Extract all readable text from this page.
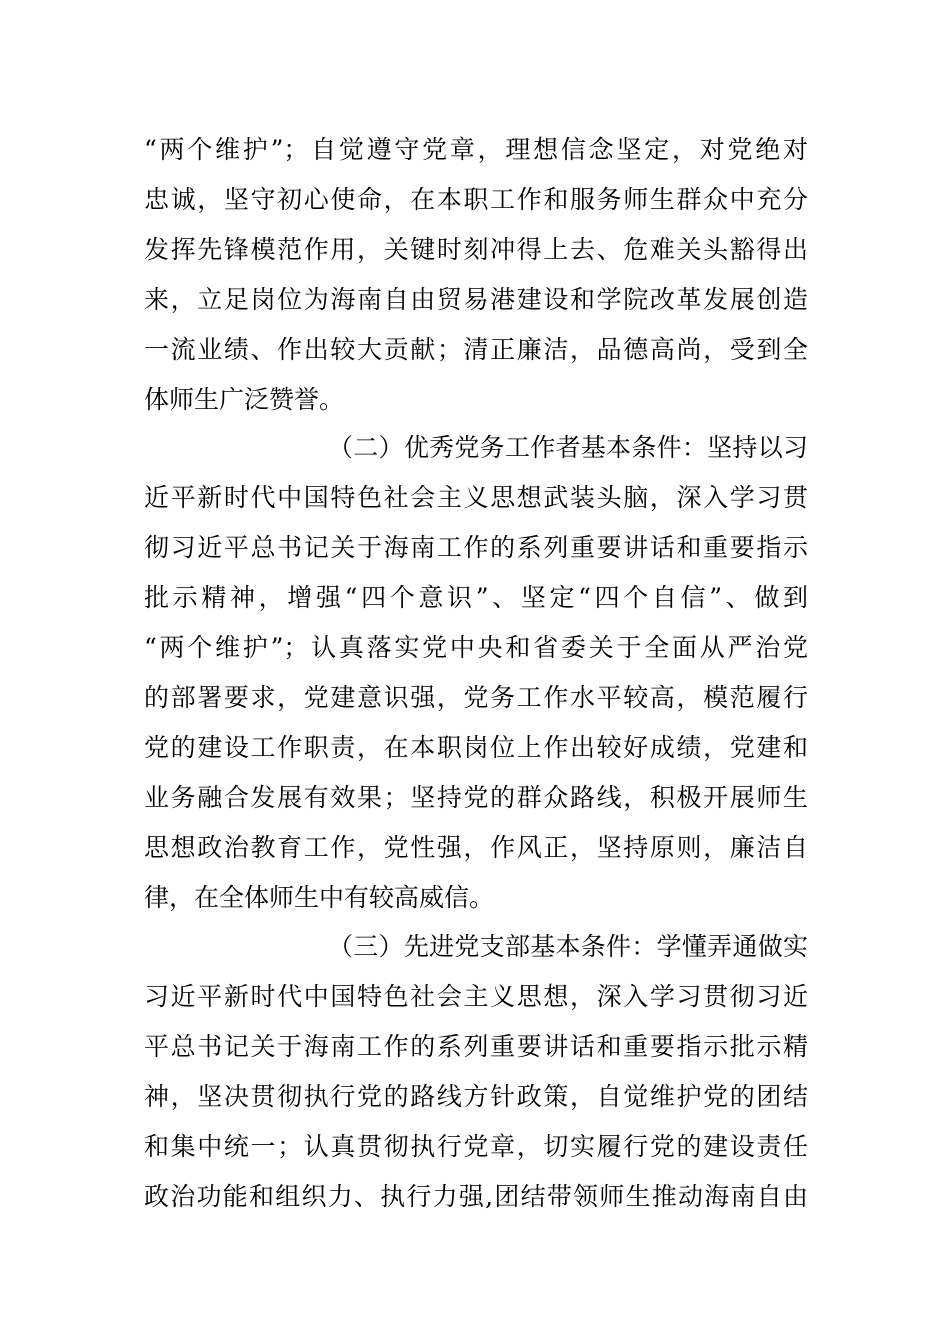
“两个维护”；自觉遵守党章，理想信念坚定，对党绝对
忠诚，坚守初心使命，在本职工作和服务师生群众中充分
发挥先锋模范作用，关键时刻冲得上去、危难关头豁得出
来，立足岗位为海南自由贸易港建设和学院改革发展创造
一流业绩、作出较大贡献；清正廉洁，品德高尚，受到全
体师生广泛赞誉。
（二）优秀党务工作者基本条件：坚持以习
近平新时代中国特色社会主义思想武装头脑，深入学习贯
彻习近平总书记关于海南工作的系列重要讲话和重要指示
批示精神，增强“四个意识”、坚定“四个自信”、做到
“两个维护”；认真落实党中央和省委关于全面从严治党
的部署要求，党建意识强，党务工作水平较高，模范履行
党的建设工作职责，在本职岗位上作出较好成绩，党建和
业务融合发展有效果；坚持党的群众路线，积极开展师生
思想政治教育工作，党性强，作风正，坚持原则，廉洁自
律，在全体师生中有较高威信。
（三）先进党支部基本条件：学懂弄通做实
习近平新时代中国特色社会主义思想，深入学习贯彻习近
平总书记关于海南工作的系列重要讲话和重要指示批示精
神，坚决贯彻执行党的路线方针政策，自觉维护党的团结
和集中统一；认真贯彻执行党章，切实履行党的建设责任
政治功能和组织力、执行力强,团结带领师生推动海南自由
